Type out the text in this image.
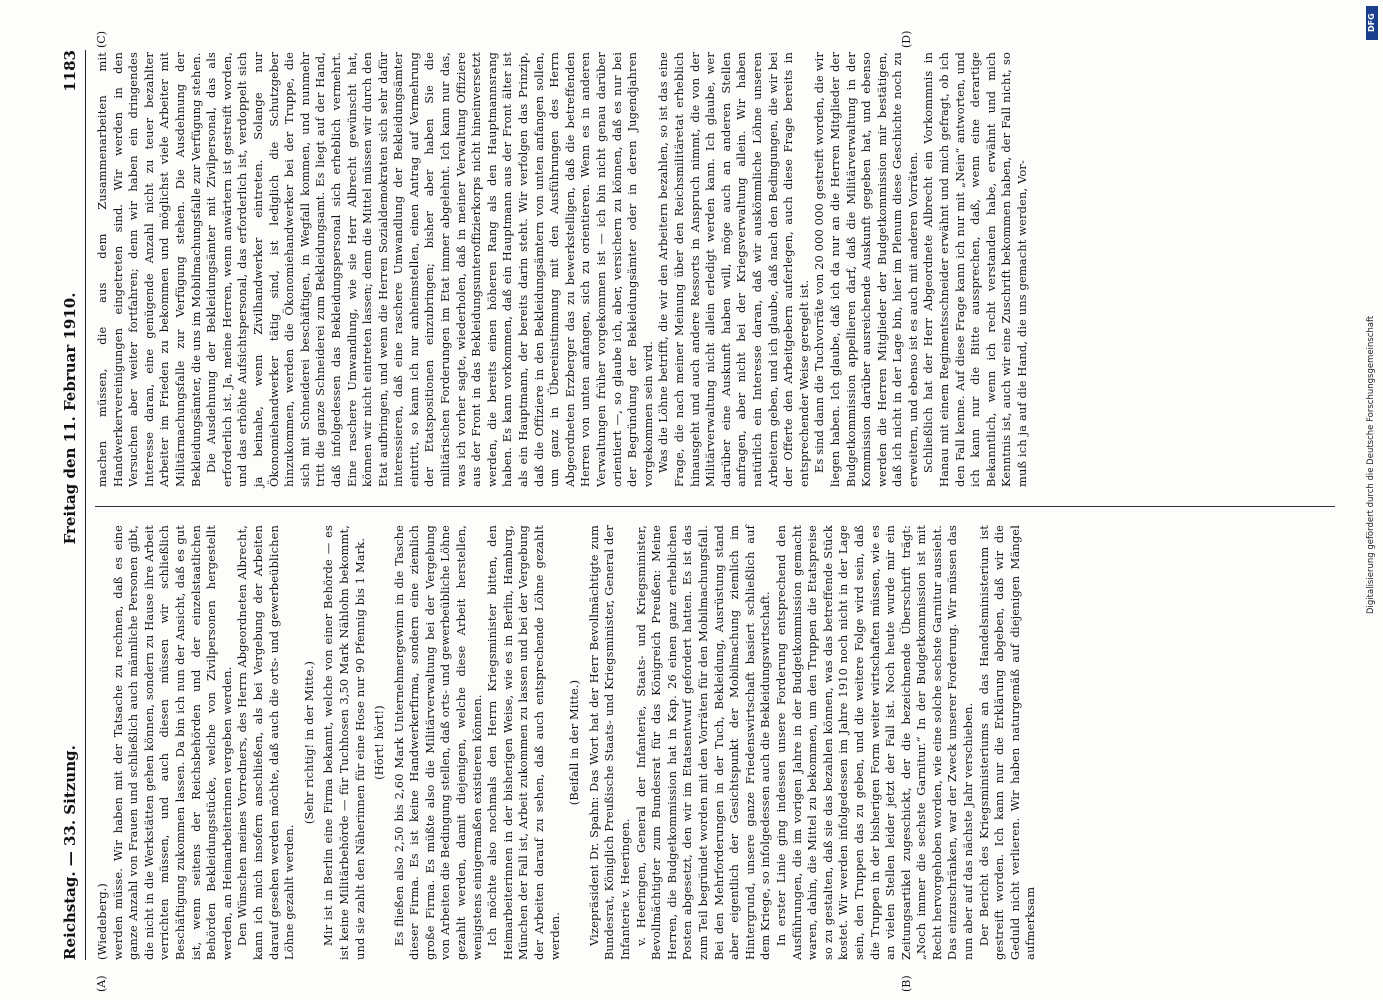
Reichstag. — 33. Sitzung.
Freitag den 11. Februar 1910.
1183

(Wiedeberg.) werden müsse. Wir haben mit der Tatsache zu rechnen, daß es eine ganze Anzahl von Frauen und schließlich auch männliche Personen gibt, die nicht in die Werkstätten gehen können, sondern zu Hause ihre Arbeit verrichten müssen, und auch diesen müssen wir schließlich Beschäftigung zukommen lassen. Da bin ich nun der Ansicht, daß es gut ist, wenn seitens der Reichsbehörden und der einzelstaatlichen Behörden Bekleidungsstücke, welche von Zivilpersonen hergestellt werden, an Heimarbeiterinnen vergeben werden. Den Wünschen meines Vorredners, des Herrn Abgeordneten Albrecht, kann ich mich insofern anschließen, als bei Vergebung der Arbeiten darauf gesehen werden möchte, daß auch die orts- und gewerbeüblichen Löhne gezahlt werden.

(Sehr richtig! in der Mitte.) Mir ist in Berlin eine Firma bekannt, welche von einer Behörde — es ist keine Militärbehörde — für Tuchhosen 3,50 Mark Nählohn bekommt, und sie zahlt den Näherinnen für eine Hose nur 90 Pfennig bis 1 Mark. (Hört! hört!) Es fließen also 2,50 bis 2,60 Mark Unternehmergewinn in die Tasche dieser Firma. Es ist keine Handwerkerfirma, sondern eine ziemlich große Firma. Es müßte also die Militärverwaltung bei der Vergebung von Arbeiten die Bedingung stellen, daß orts- und gewerbeübliche Löhne gezahlt werden, damit diejenigen, welche diese Arbeit herstellen, wenigstens einigermaßen existieren können. Ich möchte also nochmals den Herrn Kriegsminister bitten, den Heimarbeiterinnen in der bisherigen Weise, wie es in Berlin, Hamburg, München der Fall ist, Arbeit zukommen zu lassen und bei der Vergebung der Arbeiten darauf zu sehen, daß auch entsprechende Löhne gezahlt werden.

(Beifall in der Mitte.) Vizepräsident Dr. Spahn: Das Wort hat der Herr Bevollmächtigte zum Bundesrat, Königlich Preußische Staats- und Kriegsminister, General der Infanterie v. Heeringen. v. Heeringen, General der Infanterie, Staats- und Kriegsminister, Bevollmächtigter zum Bundesrat für das Königreich Preußen: Meine Herren, die Budgetkommission hat in Kap. 26 einen ganz erheblichen Posten abgesetzt, den wir im Etatsentwurf gefordert hatten. Es ist das zum Teil begründet worden mit den Vorräten für den Mobilmachungsfall. Bei den Mehrforderungen in der Tuch, Bekleidung, Ausrüstung stand aber eigentlich der Gesichtspunkt der Mobilmachung ziemlich im Hintergrund, unsere ganze Friedenswirtschaft basiert schließlich auf dem Kriege, so infolgedessen auch die Bekleidungswirtschaft. In erster Linie ging indessen unsere Forderung entsprechend den Ausführungen, die im vorigen Jahre in der Budgetkommission gemacht waren, dahin, die Mittel zu bekommen, um den Truppen die Etatspreise so zu gestalten, daß sie das bezahlen können, was das betreffende Stück kostet. Wir werden infolgedessen im Jahre 1910 noch nicht in der Lage sein, den Truppen das zu geben, und die weitere Folge wird sein, daß die Truppen in der bisherigen Form weiter wirtschaften müssen, wie es an vielen Stellen leider jetzt der Fall ist. Noch heute wurde mir ein Zeitungsartikel zugeschickt, der die bezeichnende Überschrift trägt: „Noch immer die sechste Garnitur.“ In der Budgetkommission ist mit Recht hervorgehoben worden, wie eine solche sechste Garnitur aussieht. Das einzuschränken, war der Zweck unserer Forderung. Wir müssen das nun aber auf das nächste Jahr verschieben. Der Bericht des Kriegsministeriums an das Handelsministerium ist gestreift worden. Ich kann nur die Erklärung abgeben, daß wir die Geduld nicht verlieren. Wir haben naturgemäß auf diejenigen Mängel aufmerksam

machen müssen, die aus dem Zusammenarbeiten mit Handwerkervereinigungen eingetreten sind. Wir werden in den Versuchen aber weiter fortfahren; denn wir haben ein dringendes Interesse daran, eine genügende Anzahl nicht zu teuer bezahlter Arbeiter im Frieden zu bekommen und möglichst viele Arbeiter mit Militärmachungsfalle zur Verfügung stehen. Die Ausdehnung der Bekleidungsämter, die uns im Mobilmachungsfalle zur Verfügung stehen. Die Ausdehnung der Bekleidungsämter mit Zivilpersonal, das als erforderlich ist. Ja, meine Herren, wenn anwärtern ist gestreift worden, und das erhöhte Aufsichtspersonal, das erforderlich ist, verdoppelt sich ja beinahe, wenn Zivilhandwerker eintreten. Solange nur Ökonomiehandwerker tätig sind, ist lediglich die Schutzgeber hinzukommen, werden die Ökonomiehandwerker bei der Truppe, die sich mit Schneiderei beschäftigen, in Wegfall kommen, und nunmehr tritt die ganze Schneiderei zum Bekleidungsamt. Es liegt auf der Hand, daß infolgedessen das Bekleidungspersonal sich erheblich vermehrt. Eine raschere Umwandlung, wie sie Herr Albrecht gewünscht hat, können wir nicht eintreten lassen; denn die Mittel müssen wir durch den Etat aufbringen, und wenn die Herren Sozialdemokraten sich sehr dafür interessieren, daß eine raschere Umwandlung der Bekleidungsämter eintritt, so kann ich nur anheimstellen, einen Antrag auf Vermehrung der Etatspositionen einzubringen; bisher aber haben Sie die militärischen Forderungen im Etat immer abgelehnt. Ich kann nur das, was ich vorher sagte, wiederholen, daß in meiner Verwaltung Offiziere aus der Front in das Bekleidungsunteroffizierkorps nicht hineinversetzt werden, die bereits einen höheren Rang als den Hauptmannsrang haben. Es kann vorkommen, daß ein Hauptmann aus der Front älter ist als ein Hauptmann, der bereits darin steht. Wir verfolgen das Prinzip, daß die Offiziere in den Bekleidungsämtern von unten anfangen sollen, um ganz in Übereinstimmung mit den Ausführungen des Herrn Abgeordneten Erzberger das zu bewerkstelligen, daß die betreffenden Herren von unten anfangen, sich zu orientieren. Wenn es in anderen Verwaltungen früher vorgekommen ist — ich bin nicht genau darüber orientiert —, so glaube ich, aber, versichern zu können, daß es nur bei der Begründung der Bekleidungsämter oder in deren Jugendjahren vorgekommen sein wird. Was die Löhne betrifft, die wir den Arbeitern bezahlen, so ist das eine Frage, die nach meiner Meinung über den Reichsmilitäretat erheblich hinausgeht und auch andere Ressorts in Anspruch nimmt, die von der Militärverwaltung nicht allein erledigt werden kann. Ich glaube, wer darüber eine Auskunft haben will, möge auch an anderen Stellen anfragen, aber nicht bei der Kriegsverwaltung allein. Wir haben natürlich ein Interesse daran, daß wir auskömmliche Löhne unseren Arbeitern geben, und ich glaube, daß nach den Bedingungen, die wir bei der Offerte den Arbeitgebern auferlegen, auch diese Frage bereits in entsprechender Weise geregelt ist. Es sind dann die Tuchvorräte von 20 000 000 gestreift worden, die wir liegen haben. Ich glaube, daß ich da nur an die Herren Mitglieder der Budgetkommission appellieren darf, daß die Militärverwaltung in der Kommission darüber ausreichende Auskunft gegeben hat, und ebenso werden die Herren Mitglieder der Budgetkommission mir bestätigen, daß ich nicht in der Lage bin, hier im Plenum diese Geschichte noch zu erweitern, und ebenso ist es auch mit anderen Vorräten. Schließlich hat der Herr Abgeordnete Albrecht ein Vorkommnis in Hanau mit einem Regimentsschneider erwähnt und mich gefragt, ob ich den Fall kenne. Auf diese Frage kann ich nur mit „Nein“ antworten, und ich kann nur die Bitte aussprechen, daß, wenn eine derartige Bekanntlich, wenn ich recht verstanden habe, erwähnt und mich Kenntnis ist, auch wir eine Zuschrift bekommen haben, der Fall nicht, so muß ich ja auf die Hand, die uns gemacht werden, Vor-

(A)	(B)
(C)	(D)
DFG
Digitalisierung gefördert durch die Deutsche Forschungsgemeinschaft
